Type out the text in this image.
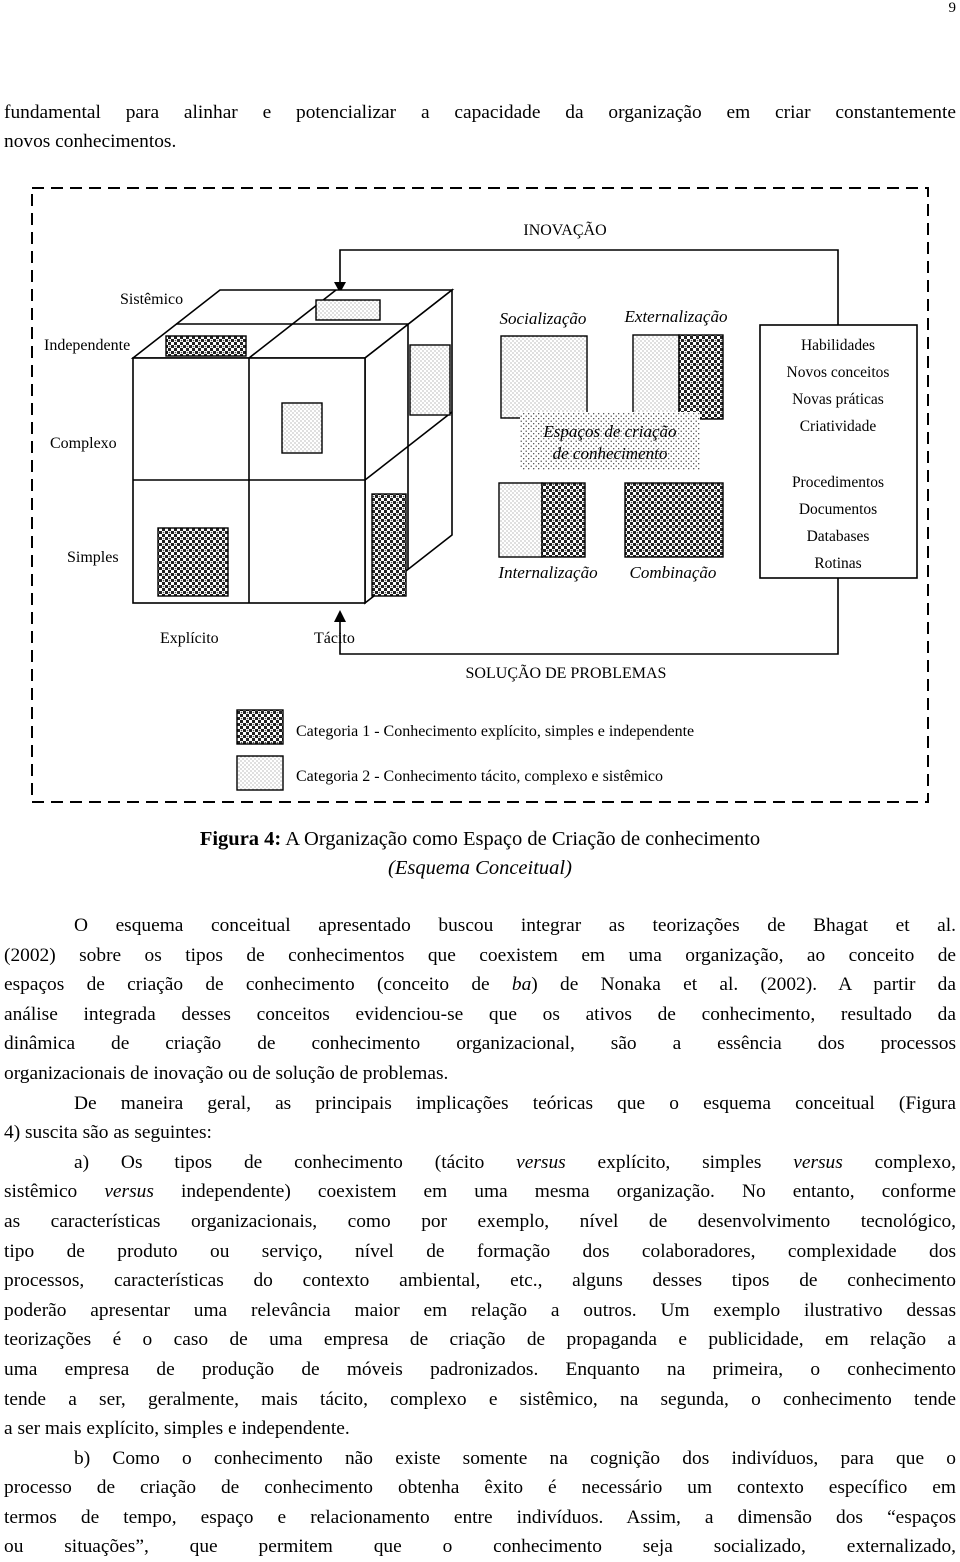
9

fundamental para alinhar e potencializar a capacidade da organização em criar constantemente
novos conhecimentos.

INOVAÇÃO
Sistêmico
Independente
Complexo
Simples
Explícito	Tácito
SOLUÇÃO DE PROBLEMAS
Socialização Externalização
Espaços de criação
de conhecimento
Internalização Combinação
Habilidades
Novos conceitos
Novas práticas
Criatividade
Procedimentos
Documentos
Databases
Rotinas
Categoria 1 - Conhecimento explícito, simples e independente
Categoria 2 - Conhecimento tácito, complexo e sistêmico
Figura 4: A Organização como Espaço de Criação de conhecimento
(Esquema Conceitual)

O esquema conceitual apresentado buscou integrar as teorizações de Bhagat et al.

(2002) sobre os tipos de conhecimentos que coexistem em uma organização, ao conceito de

espaços de criação de conhecimento (conceito de ba) de Nonaka et al. (2002). A partir da

análise integrada desses conceitos evidenciou-se que os ativos de conhecimento, resultado da

dinâmica de criação de conhecimento organizacional, são a essência dos processos

organizacionais de inovação ou de solução de problemas.

De maneira geral, as principais implicações teóricas que o esquema conceitual (Figura

4) suscita são as seguintes:

a) Os tipos de conhecimento (tácito versus explícito, simples versus complexo,

sistêmico versus independente) coexistem em uma mesma organização. No entanto, conforme

as características organizacionais, como por exemplo, nível de desenvolvimento tecnológico,

tipo de produto ou serviço, nível de formação dos colaboradores, complexidade dos

processos, características do contexto ambiental, etc., alguns desses tipos de conhecimento

poderão apresentar uma relevância maior em relação a outros. Um exemplo ilustrativo dessas

teorizações é o caso de uma empresa de criação de propaganda e publicidade, em relação a

uma empresa de produção de móveis padronizados. Enquanto na primeira, o conhecimento

tende a ser, geralmente, mais tácito, complexo e sistêmico, na segunda, o conhecimento tende

a ser mais explícito, simples e independente.

b) Como o conhecimento não existe somente na cognição dos indivíduos, para que o

processo de criação de conhecimento obtenha êxito é necessário um contexto específico em

termos de tempo, espaço e relacionamento entre indivíduos. Assim, a dimensão dos “espaços

ou situações”, que permitem que o conhecimento seja socializado, externalizado,
